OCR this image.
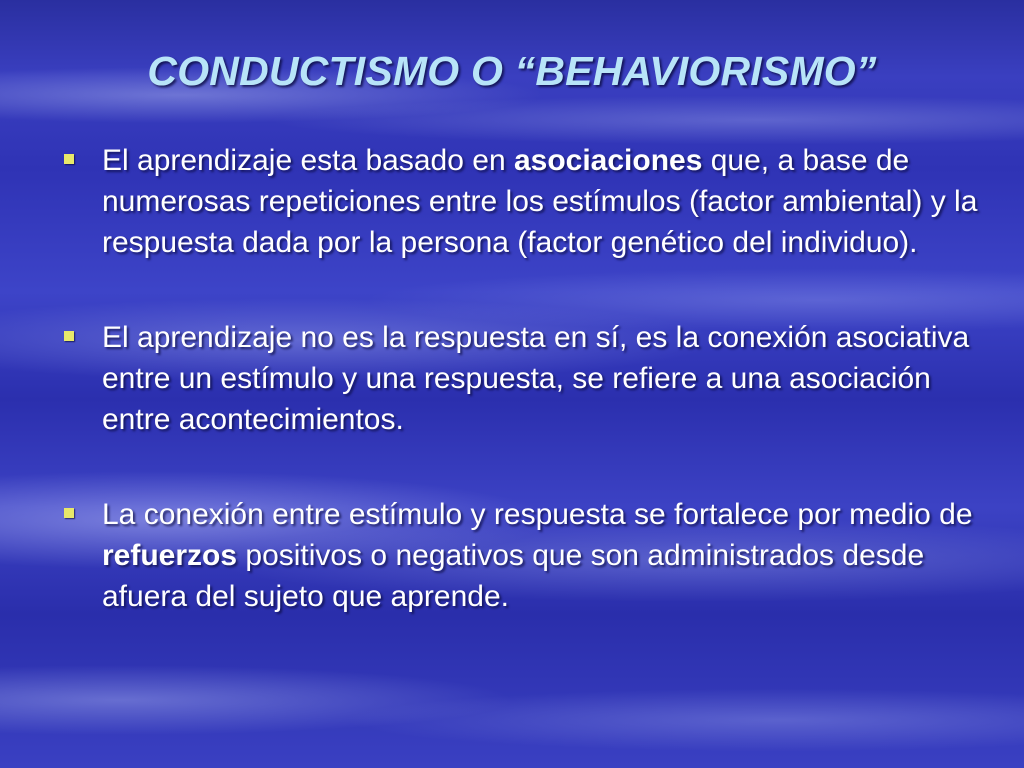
CONDUCTISMO O “BEHAVIORISMO”
El aprendizaje esta basado en asociaciones que, a base de numerosas repeticiones entre los estímulos (factor ambiental) y la respuesta dada por la persona (factor genético del individuo).
El aprendizaje no es la respuesta en sí, es la conexión asociativa entre un estímulo y una respuesta, se refiere a una asociación entre acontecimientos.
La conexión entre estímulo y respuesta se fortalece por medio de refuerzos positivos o negativos que son administrados desde afuera del sujeto que aprende.
